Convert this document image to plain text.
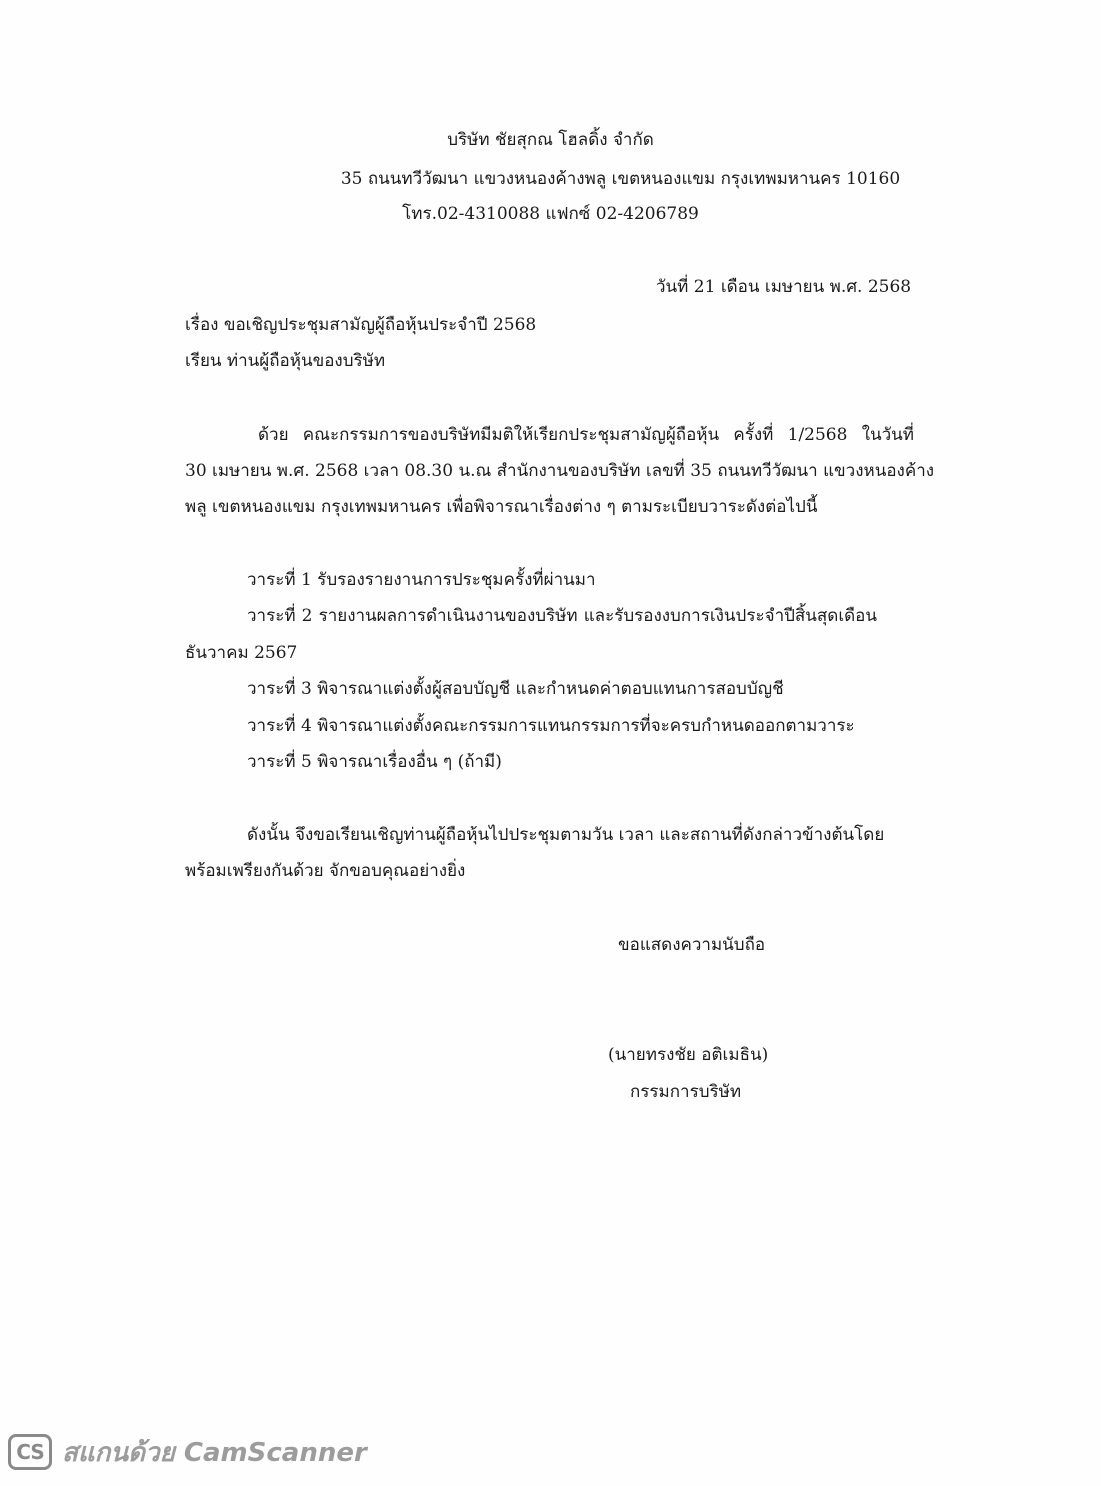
บริษัท ชัยสุกณ โฮลดิ้ง จำกัด
35 ถนนทวีวัฒนา แขวงหนองค้างพลู เขตหนองแขม กรุงเทพมหานคร 10160
โทร.02-4310088 แฟกซ์ 02-4206789
วันที่ 21 เดือน เมษายน พ.ศ. 2568
เรื่อง ขอเชิญประชุมสามัญผู้ถือหุ้นประจำปี 2568
เรียน ท่านผู้ถือหุ้นของบริษัท
ด้วย คณะกรรมการของบริษัทมีมติให้เรียกประชุมสามัญผู้ถือหุ้น ครั้งที่ 1/2568 ในวันที่
30 เมษายน พ.ศ. 2568 เวลา 08.30 น.ณ สำนักงานของบริษัท เลขที่ 35 ถนนทวีวัฒนา แขวงหนองค้าง
พลู เขตหนองแขม กรุงเทพมหานคร เพื่อพิจารณาเรื่องต่าง ๆ ตามระเบียบวาระดังต่อไปนี้
วาระที่ 1 รับรองรายงานการประชุมครั้งที่ผ่านมา
วาระที่ 2 รายงานผลการดำเนินงานของบริษัท และรับรองงบการเงินประจำปีสิ้นสุดเดือน
ธันวาคม 2567
วาระที่ 3 พิจารณาแต่งตั้งผู้สอบบัญชี และกำหนดค่าตอบแทนการสอบบัญชี
วาระที่ 4 พิจารณาแต่งตั้งคณะกรรมการแทนกรรมการที่จะครบกำหนดออกตามวาระ
วาระที่ 5 พิจารณาเรื่องอื่น ๆ (ถ้ามี)
ดังนั้น จึงขอเรียนเชิญท่านผู้ถือหุ้นไปประชุมตามวัน เวลา และสถานที่ดังกล่าวข้างต้นโดย
พร้อมเพรียงกันด้วย จักขอบคุณอย่างยิ่ง
ขอแสดงความนับถือ
(นายทรงชัย อติเมธิน)
กรรมการบริษัท
CS สแกนด้วย CamScanner
